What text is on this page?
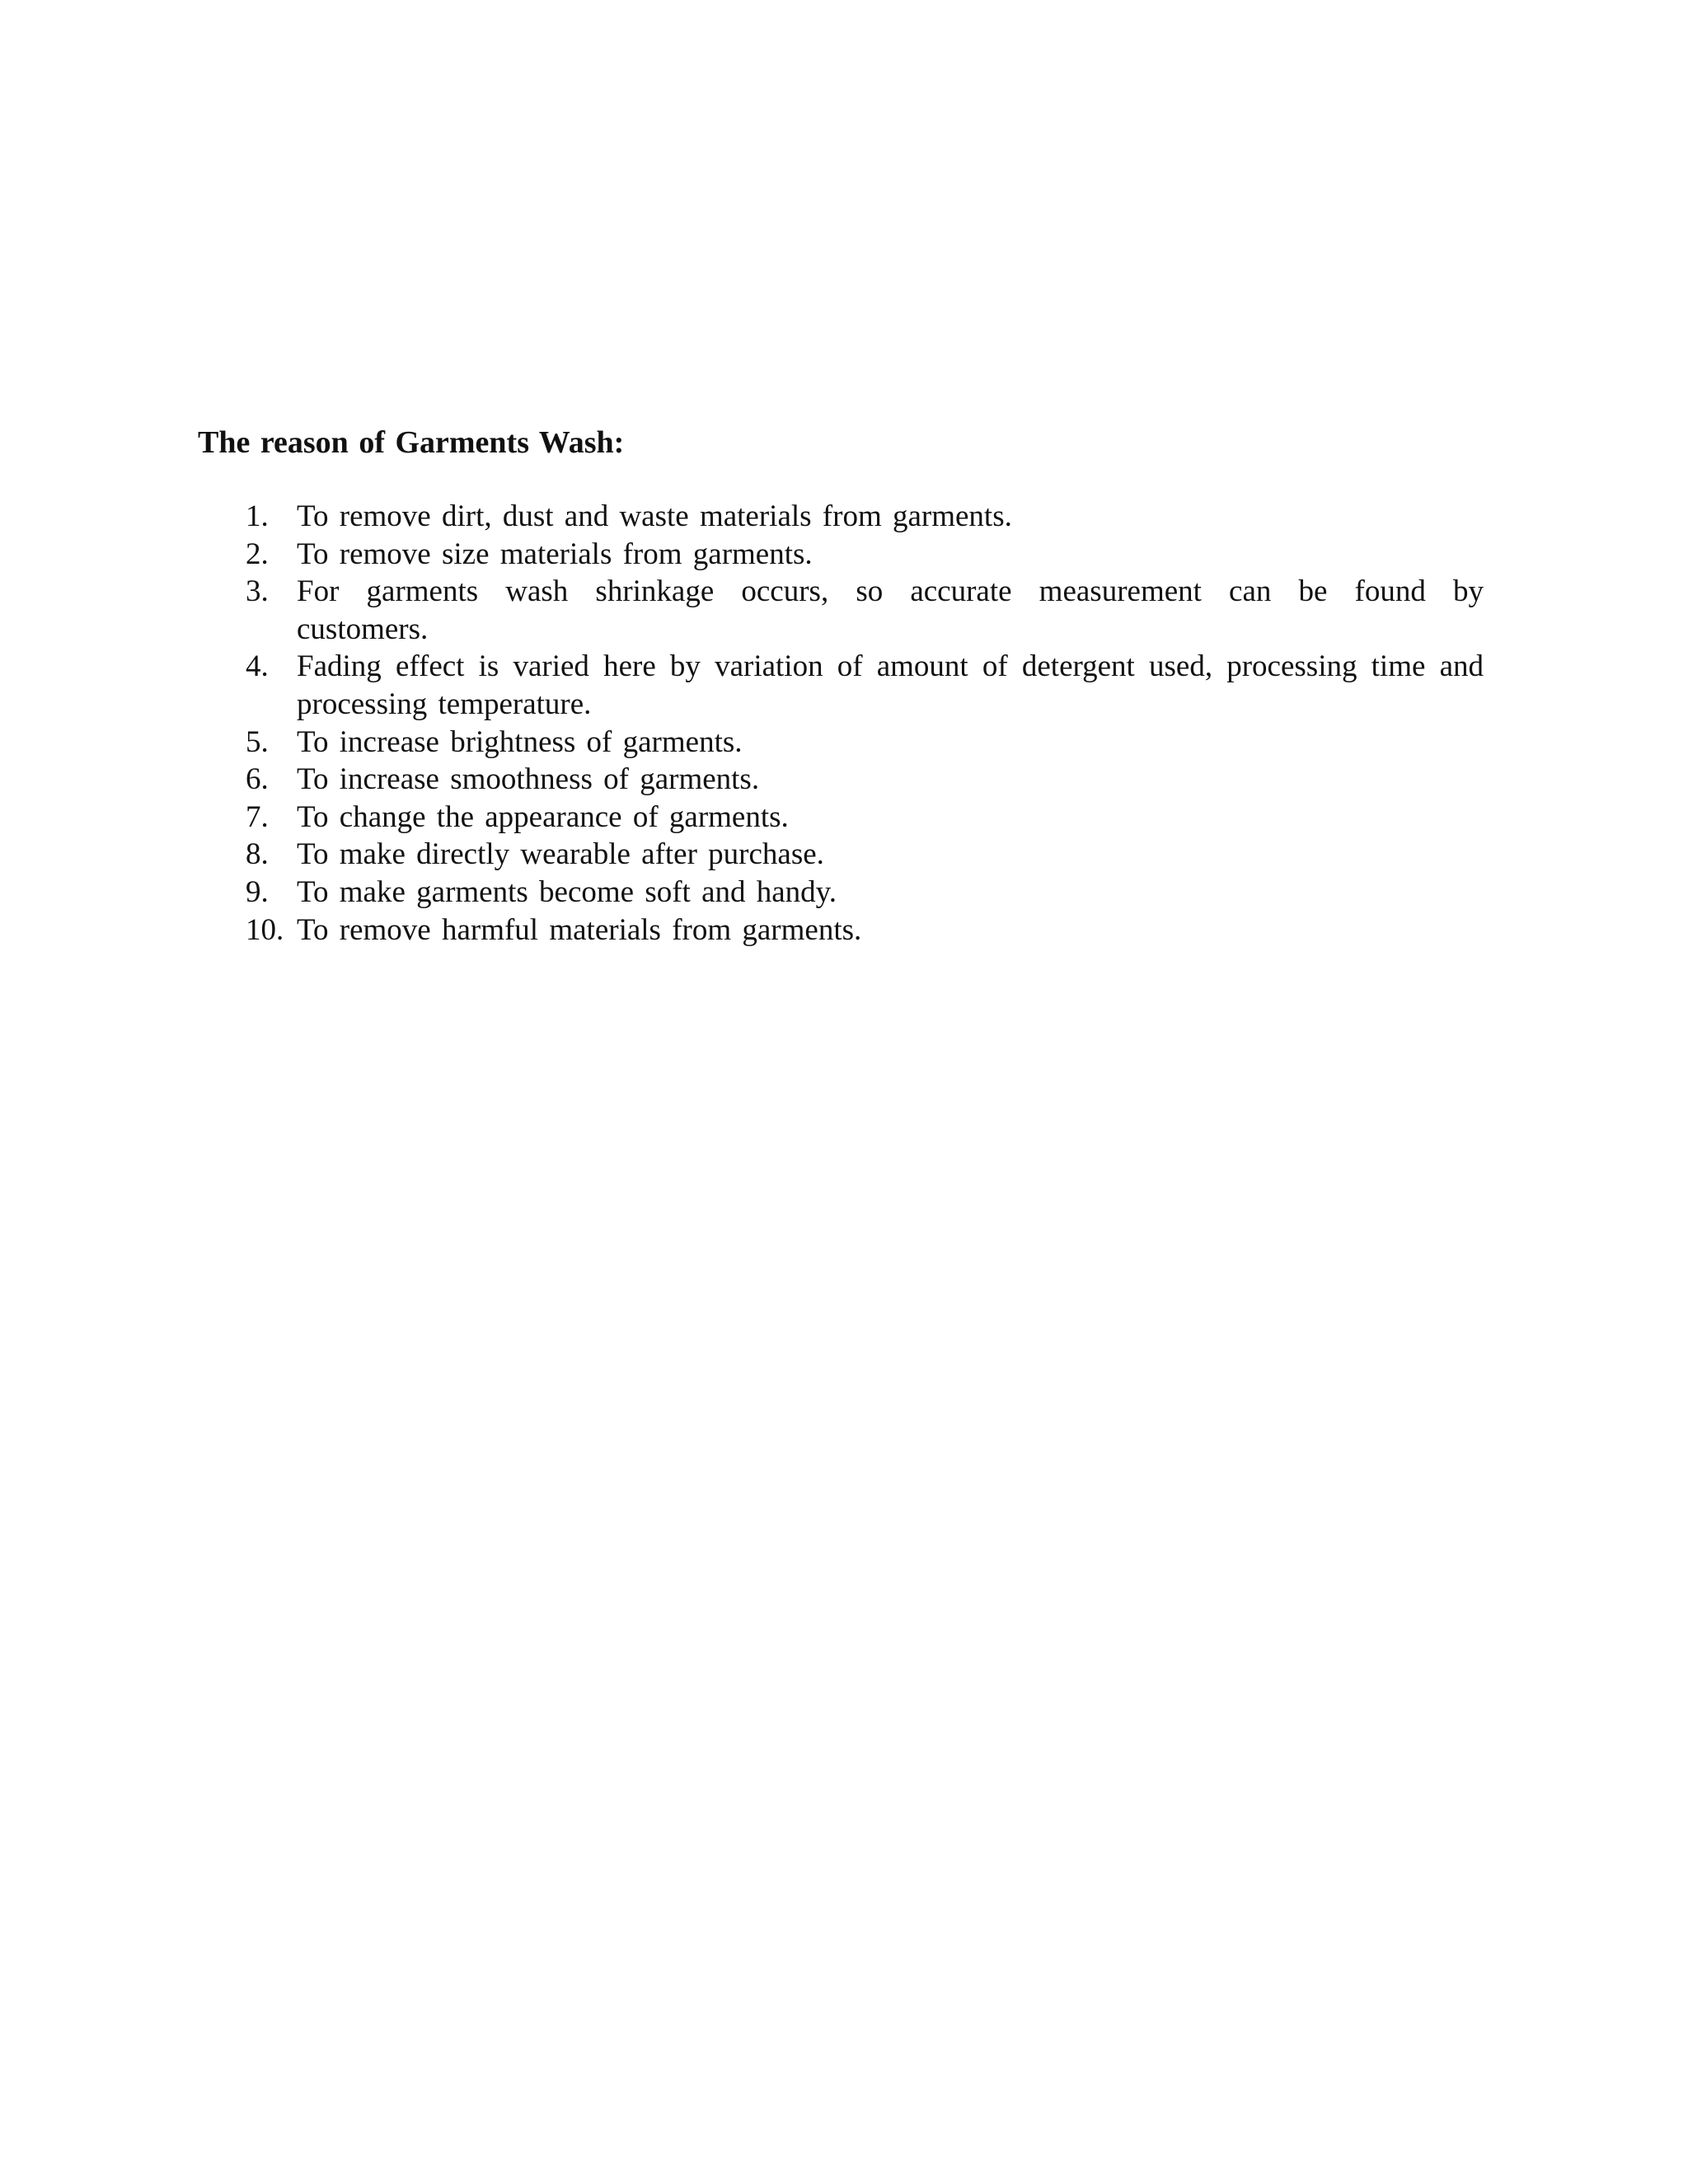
The reason of Garments Wash:
1. To remove dirt, dust and waste materials from garments.
2. To remove size materials from garments.
3. For garments wash shrinkage occurs, so accurate measurement can be found by
customers.
4. Fading effect is varied here by variation of amount of detergent used, processing time and
processing temperature.
5. To increase brightness of garments.
6. To increase smoothness of garments.
7. To change the appearance of garments.
8. To make directly wearable after purchase.
9. To make garments become soft and handy.
10. To remove harmful materials from garments.
